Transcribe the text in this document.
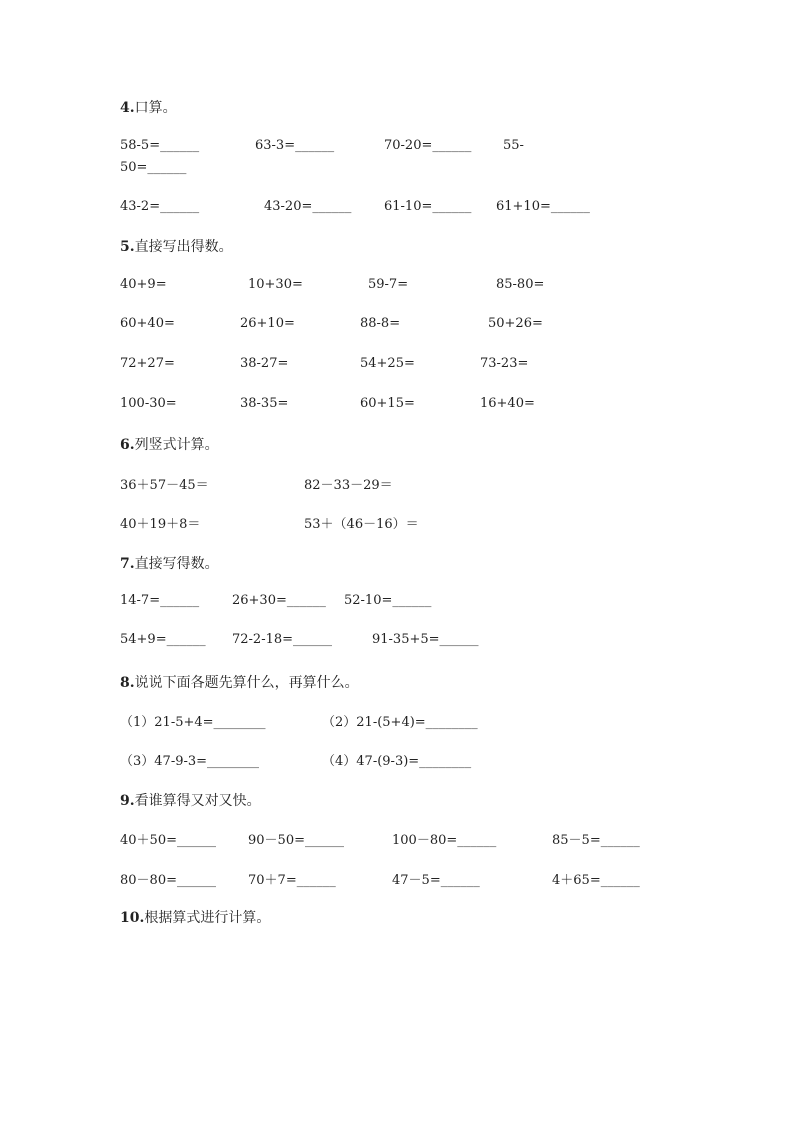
4.口算。
58-5=______	63-3=______	70-20=______ 55-
50=______
43-2=______	43-20=______	61-10=______ 61+10=______
5.直接写出得数。
40+9=	10+30=	59-7=	85-80=
60+40=	26+10=	88-8=	50+26=
72+27=	38-27=	54+25=	73-23=
100-30=	38-35=	60+15=	16+40=
6.列竖式计算。
36＋57－45＝	82－33－29＝
40＋19＋8＝	53＋（46－16）＝
7.直接写得数。
14-7=______	26+30=______ 52-10=______
54+9=______ 72-2-18=______	91-35+5=______
8.说说下面各题先算什么，再算什么。
（1）21-5+4=________	（2）21-(5+4)=________
（3）47-9-3=________	（4）47-(9-3)=________
9.看谁算得又对又快。
40＋50=______ 90－50=______	100－80=______	85－5=______
80－80=______ 70＋7=______	47－5=______	4＋65=______
10.根据算式进行计算。
